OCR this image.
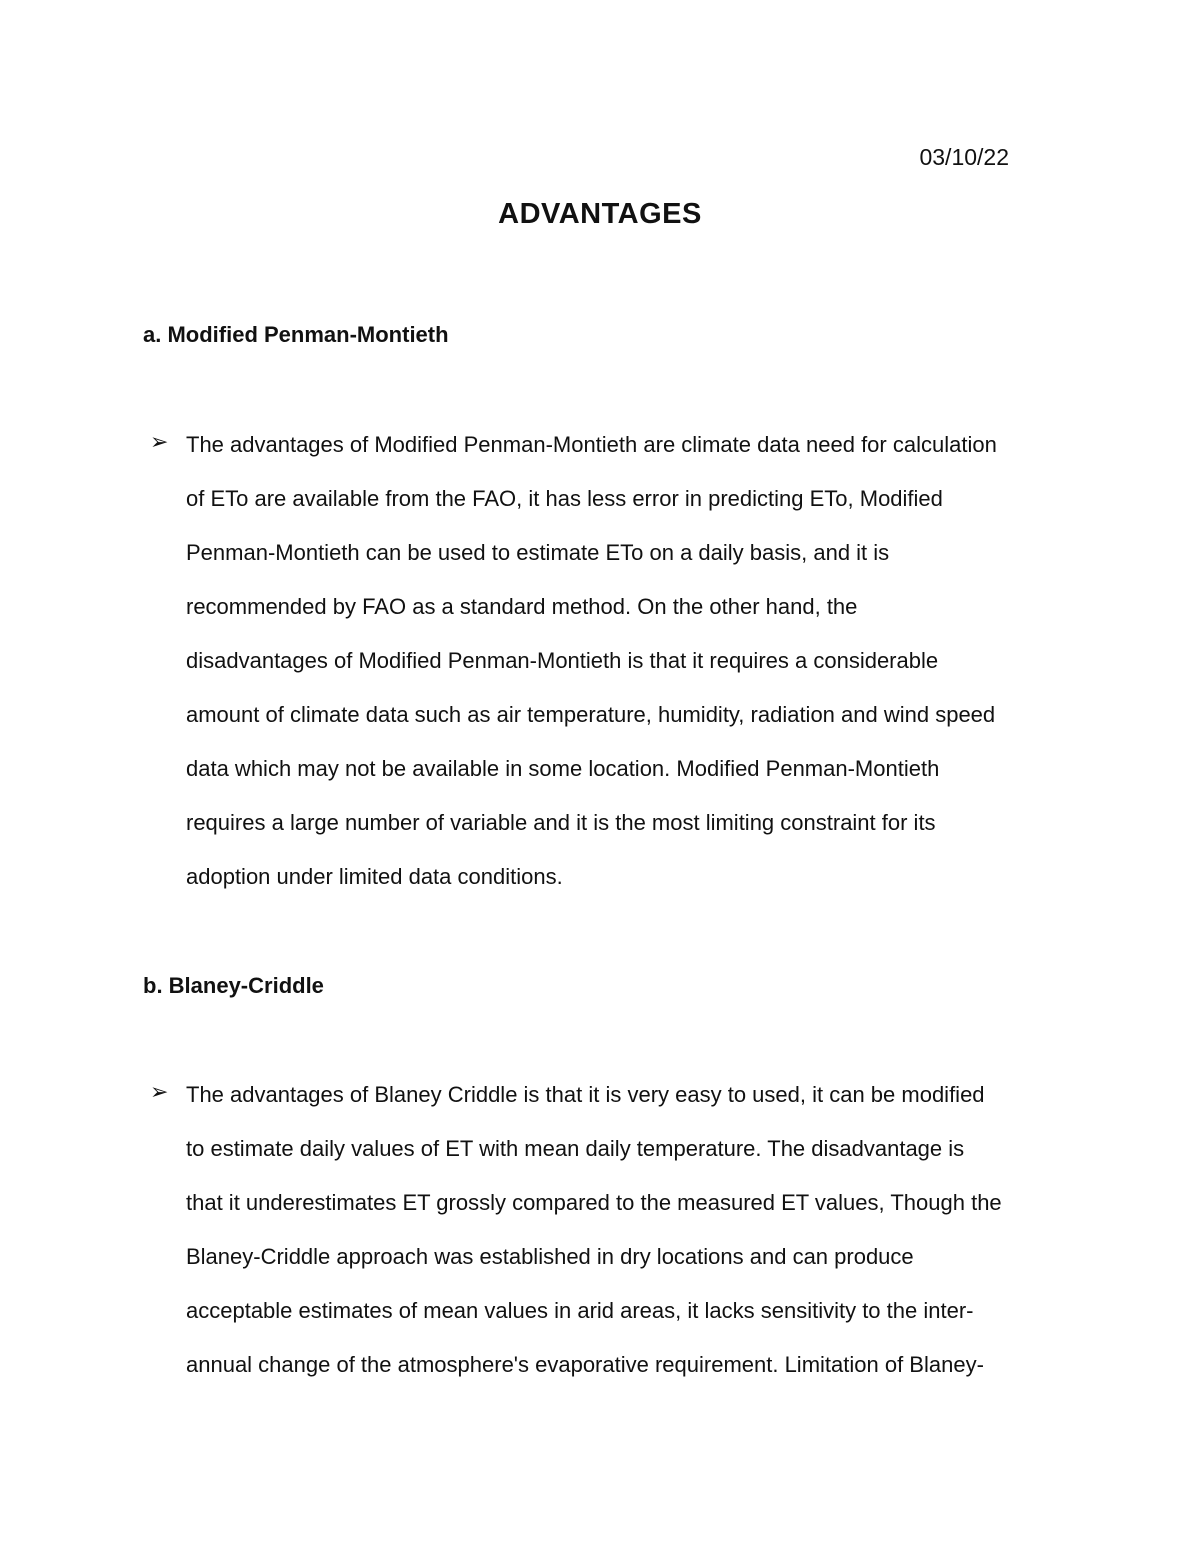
03/10/22
ADVANTAGES
a. Modified Penman-Montieth
➢ The advantages of Modified Penman-Montieth are climate data need for calculation
of ETo are available from the FAO, it has less error in predicting ETo, Modified
Penman-Montieth can be used to estimate ETo on a daily basis, and it is
recommended by FAO as a standard method. On the other hand, the
disadvantages of Modified Penman-Montieth is that it requires a considerable
amount of climate data such as air temperature, humidity, radiation and wind speed
data which may not be available in some location. Modified Penman-Montieth
requires a large number of variable and it is the most limiting constraint for its
adoption under limited data conditions.
b. Blaney-Criddle
➢ The advantages of Blaney Criddle is that it is very easy to used, it can be modified
to estimate daily values of ET with mean daily temperature. The disadvantage is
that it underestimates ET grossly compared to the measured ET values, Though the
Blaney-Criddle approach was established in dry locations and can produce
acceptable estimates of mean values in arid areas, it lacks sensitivity to the inter-
annual change of the atmosphere's evaporative requirement. Limitation of Blaney-
